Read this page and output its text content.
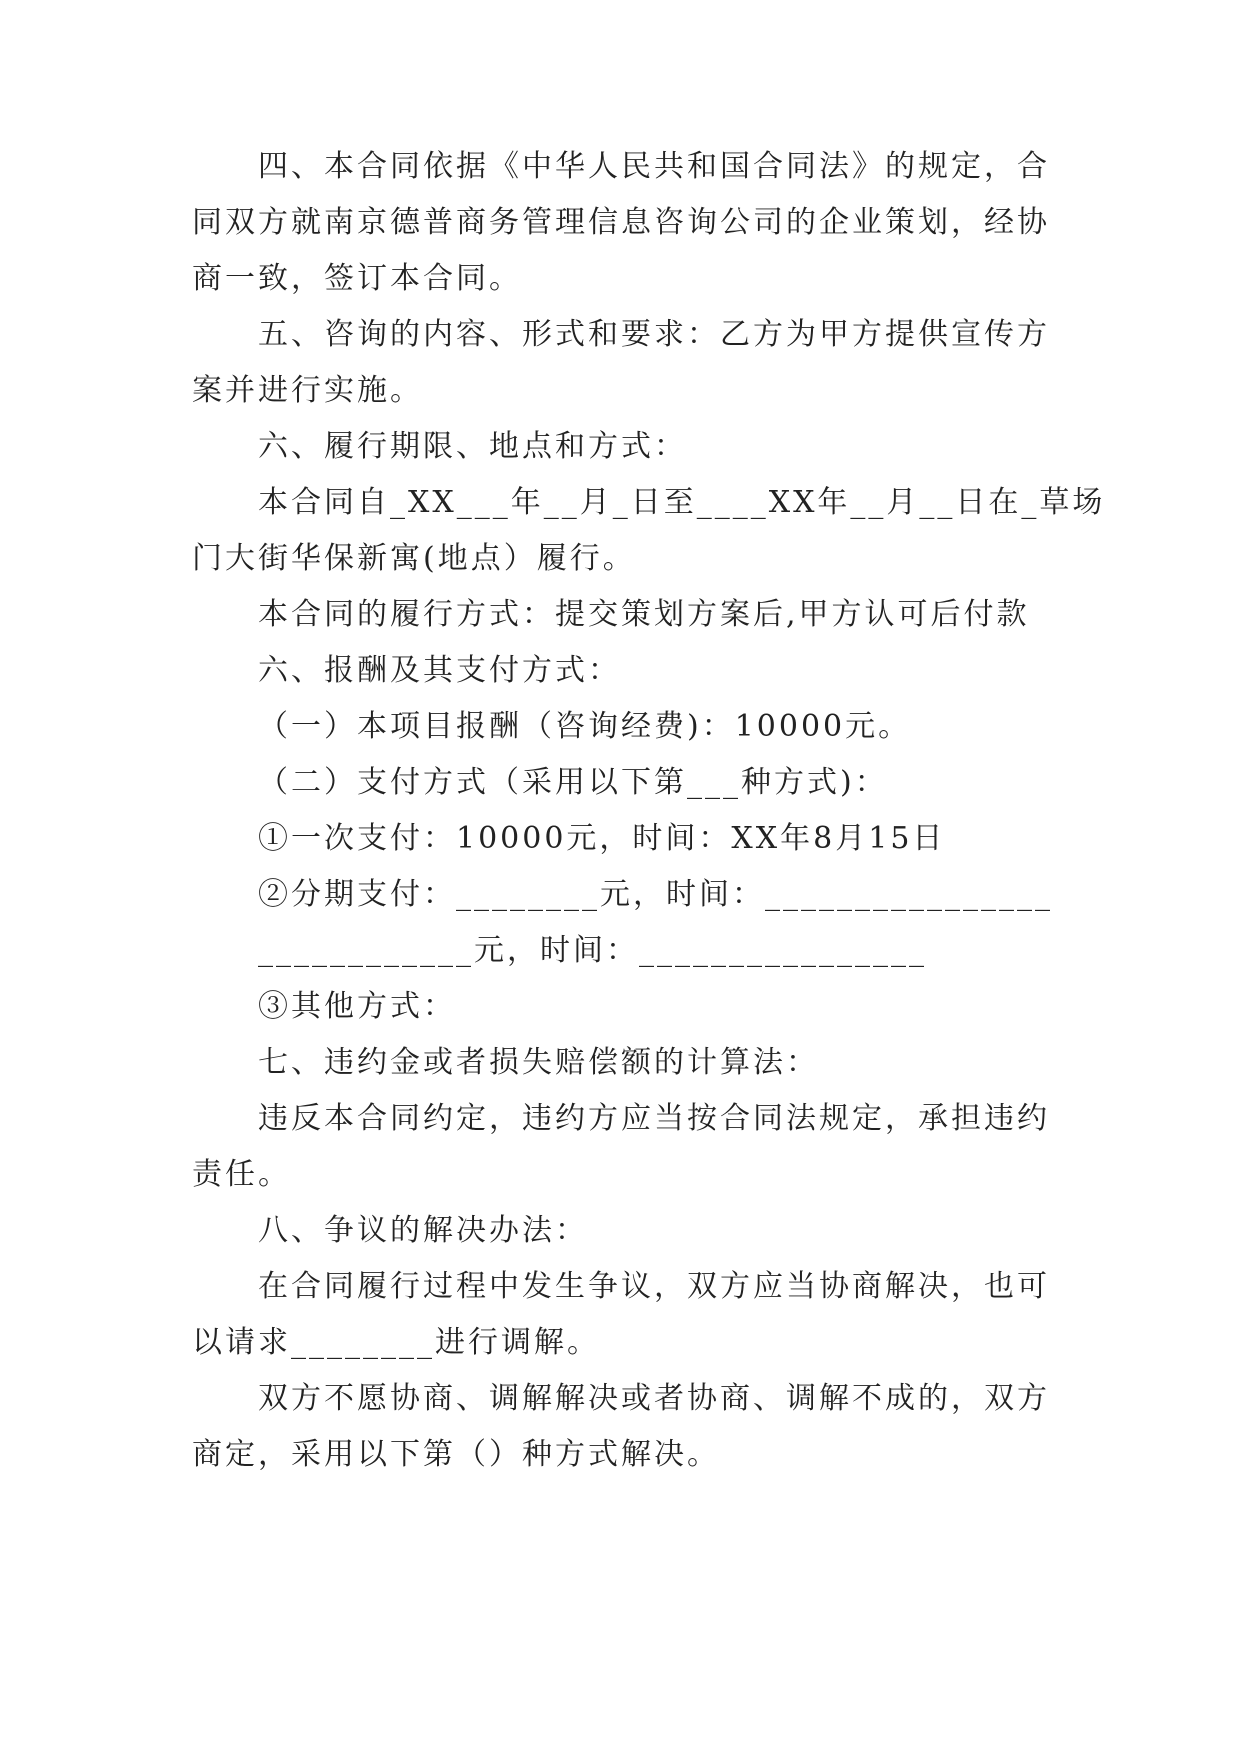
四、本合同依据《中华人民共和国合同法》的规定，合
同双方就南京德普商务管理信息咨询公司的企业策划，经协
商一致，签订本合同。
五、咨询的内容、形式和要求：乙方为甲方提供宣传方
案并进行实施。
六、履行期限、地点和方式：
本合同自_XX___年__月_日至____XX年__月__日在_草场
门大街华保新寓(地点）履行。
本合同的履行方式：提交策划方案后,甲方认可后付款
六、报酬及其支付方式：
（一）本项目报酬（咨询经费)：10000元。
（二）支付方式（采用以下第___种方式)：
①一次支付：10000元，时间：XX年8月15日
②分期支付：________元，时间：________________
____________元，时间：________________
③其他方式：
七、违约金或者损失赔偿额的计算法：
违反本合同约定，违约方应当按合同法规定，承担违约
责任。
八、争议的解决办法：
在合同履行过程中发生争议，双方应当协商解决，也可
以请求________进行调解。
双方不愿协商、调解解决或者协商、调解不成的，双方
商定，采用以下第（）种方式解决。
